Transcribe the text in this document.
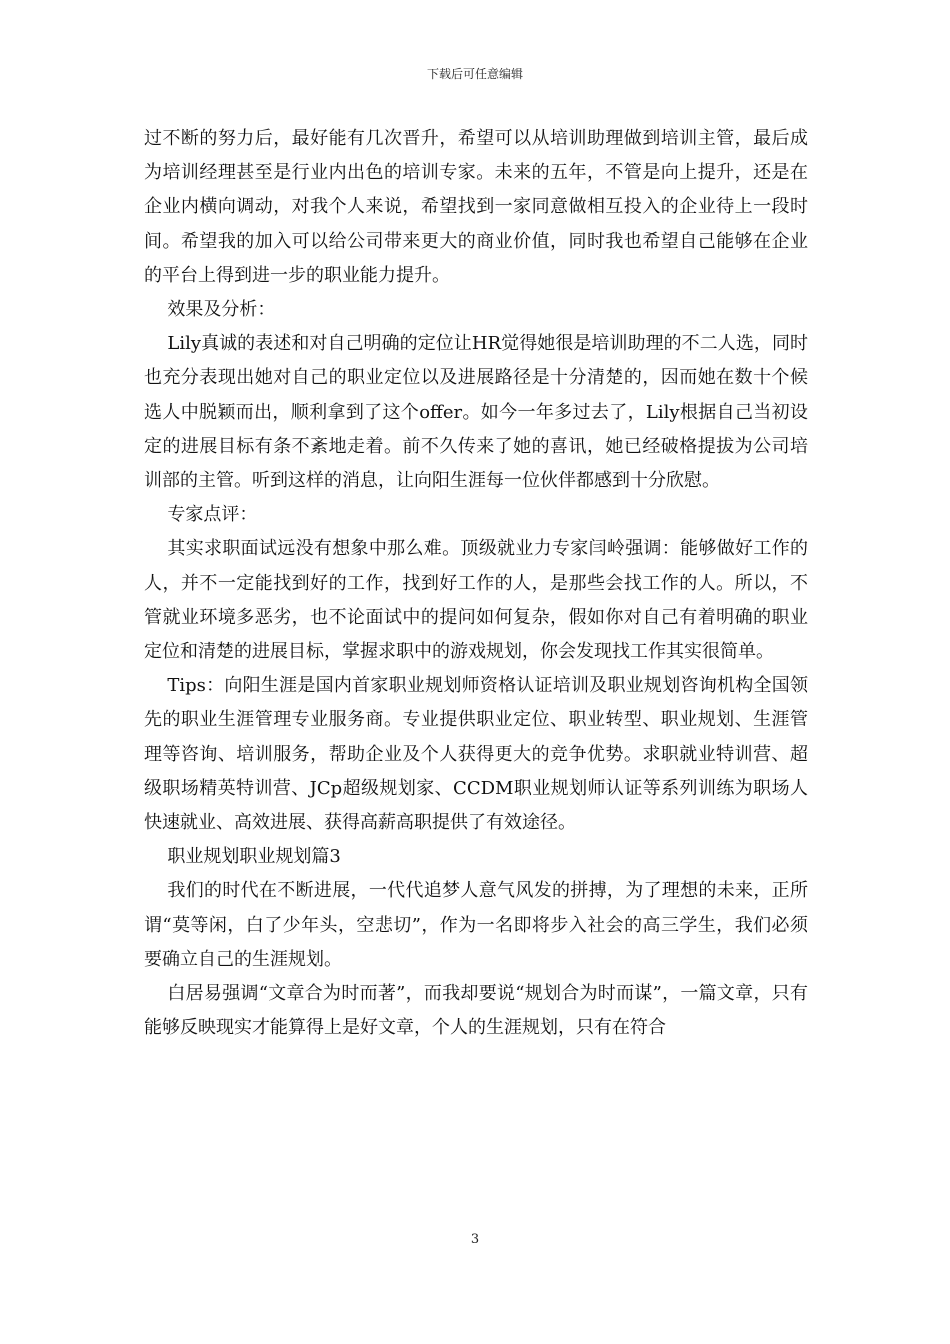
下载后可任意编辑

过不断的努力后，最好能有几次晋升，希望可以从培训助理做到培训主管，最后成为培训经理甚至是行业内出色的培训专家。未来的五年，不管是向上提升，还是在企业内横向调动，对我个人来说，希望找到一家同意做相互投入的企业待上一段时间。希望我的加入可以给公司带来更大的商业价值，同时我也希望自己能够在企业的平台上得到进一步的职业能力提升。

效果及分析：

Lily真诚的表述和对自己明确的定位让HR觉得她很是培训助理的不二人选，同时也充分表现出她对自己的职业定位以及进展路径是十分清楚的，因而她在数十个候选人中脱颖而出，顺利拿到了这个offer。如今一年多过去了，Lily根据自己当初设定的进展目标有条不紊地走着。前不久传来了她的喜讯，她已经破格提拔为公司培训部的主管。听到这样的消息，让向阳生涯每一位伙伴都感到十分欣慰。

专家点评：

其实求职面试远没有想象中那么难。顶级就业力专家闫岭强调：能够做好工作的人，并不一定能找到好的工作，找到好工作的人，是那些会找工作的人。所以，不管就业环境多恶劣，也不论面试中的提问如何复杂，假如你对自己有着明确的职业定位和清楚的进展目标，掌握求职中的游戏规划，你会发现找工作其实很简单。

Tips：向阳生涯是国内首家职业规划师资格认证培训及职业规划咨询机构全国领先的职业生涯管理专业服务商。专业提供职业定位、职业转型、职业规划、生涯管理等咨询、培训服务，帮助企业及个人获得更大的竞争优势。求职就业特训营、超级职场精英特训营、JCp超级规划家、CCDM职业规划师认证等系列训练为职场人快速就业、高效进展、获得高薪高职提供了有效途径。

职业规划职业规划篇3

我们的时代在不断进展，一代代追梦人意气风发的拼搏，为了理想的未来，正所谓“莫等闲，白了少年头，空悲切”，作为一名即将步入社会的高三学生，我们必须要确立自己的生涯规划。

白居易强调“文章合为时而著”，而我却要说“规划合为时而谋”，一篇文章，只有能够反映现实才能算得上是好文章，个人的生涯规划，只有在符合

3
